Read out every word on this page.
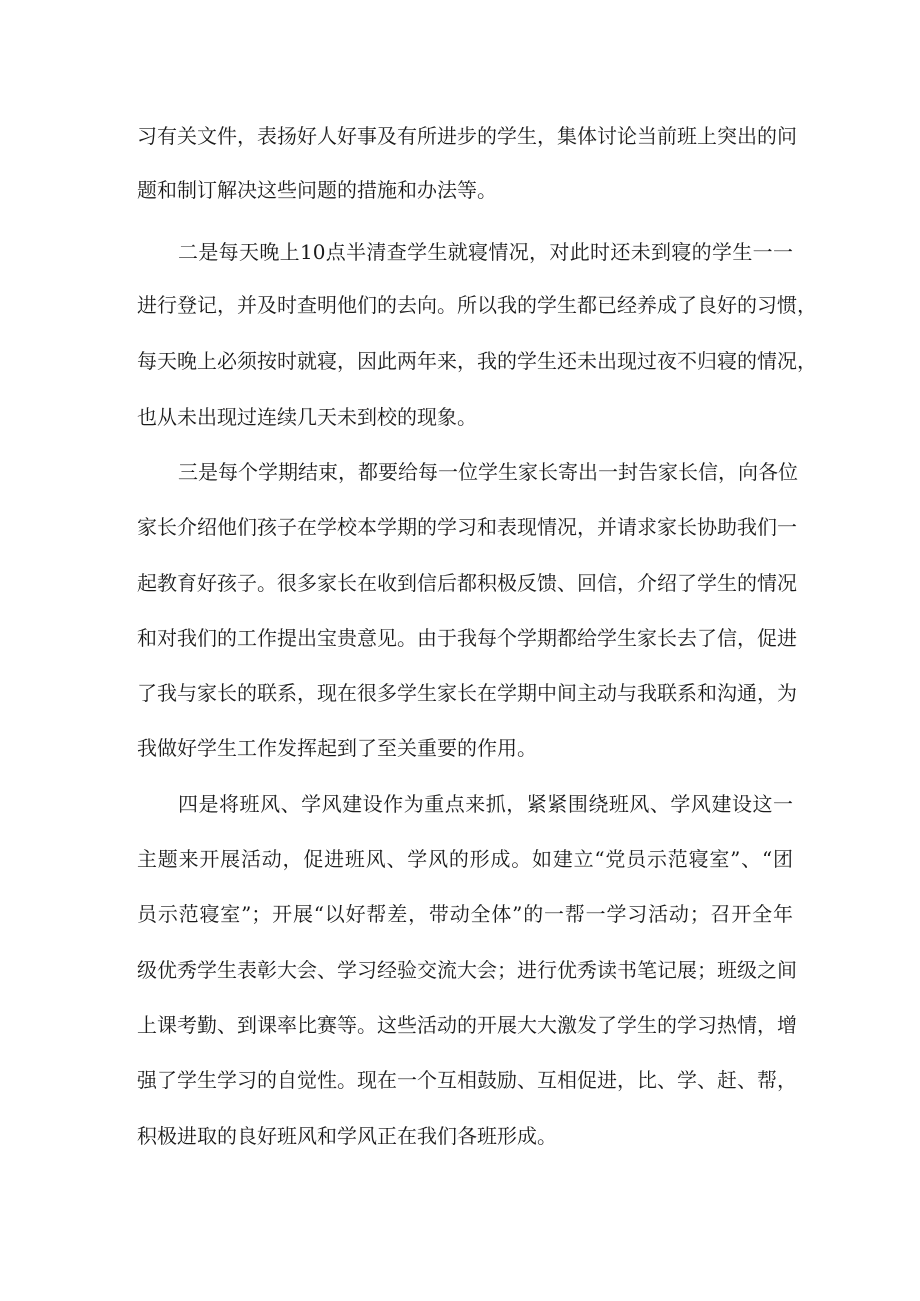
习有关文件，表扬好人好事及有所进步的学生，集体讨论当前班上突出的问
题和制订解决这些问题的措施和办法等。
二是每天晚上10点半清查学生就寝情况，对此时还未到寝的学生一一
进行登记，并及时查明他们的去向。所以我的学生都已经养成了良好的习惯，
每天晚上必须按时就寝，因此两年来，我的学生还未出现过夜不归寝的情况，
也从未出现过连续几天未到校的现象。
三是每个学期结束，都要给每一位学生家长寄出一封告家长信，向各位
家长介绍他们孩子在学校本学期的学习和表现情况，并请求家长协助我们一
起教育好孩子。很多家长在收到信后都积极反馈、回信，介绍了学生的情况
和对我们的工作提出宝贵意见。由于我每个学期都给学生家长去了信，促进
了我与家长的联系，现在很多学生家长在学期中间主动与我联系和沟通，为
我做好学生工作发挥起到了至关重要的作用。
四是将班风、学风建设作为重点来抓，紧紧围绕班风、学风建设这一
主题来开展活动，促进班风、学风的形成。如建立“党员示范寝室”、“团
员示范寝室”；开展“以好帮差，带动全体”的一帮一学习活动；召开全年
级优秀学生表彰大会、学习经验交流大会；进行优秀读书笔记展；班级之间
上课考勤、到课率比赛等。这些活动的开展大大激发了学生的学习热情，增
强了学生学习的自觉性。现在一个互相鼓励、互相促进，比、学、赶、帮，
积极进取的良好班风和学风正在我们各班形成。
